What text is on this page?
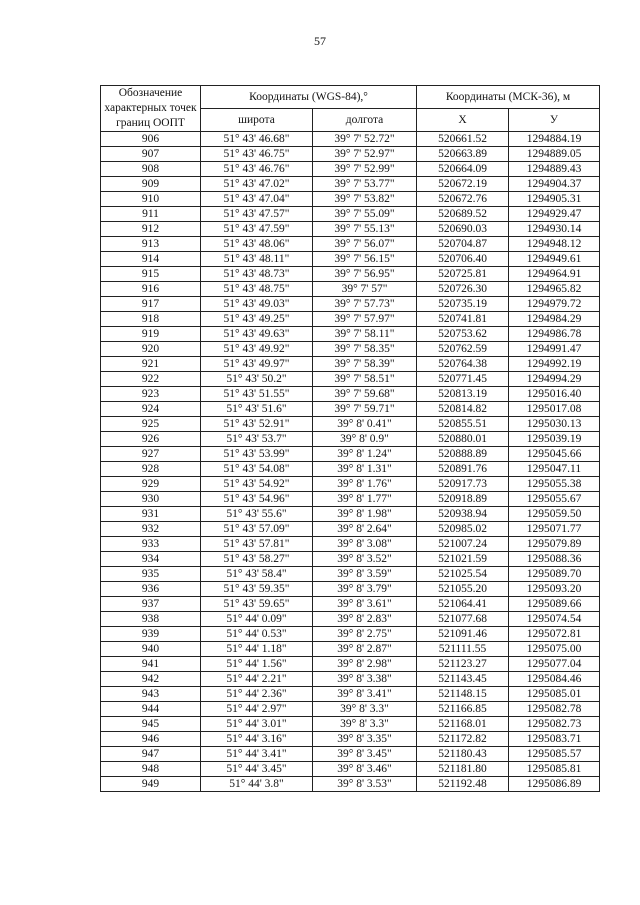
57
Обозначение характерных точек границ ООПТ	Координаты (WGS-84),°		Координаты (МСК-36), м	
	широта	долгота	X	У
906	51° 43' 46.68"	39° 7' 52.72"	520661.52	1294884.19
907	51° 43' 46.75"	39° 7' 52.97"	520663.89	1294889.05
908	51° 43' 46.76"	39° 7' 52.99"	520664.09	1294889.43
909	51° 43' 47.02"	39° 7' 53.77"	520672.19	1294904.37
910	51° 43' 47.04"	39° 7' 53.82"	520672.76	1294905.31
911	51° 43' 47.57"	39° 7' 55.09"	520689.52	1294929.47
912	51° 43' 47.59"	39° 7' 55.13"	520690.03	1294930.14
913	51° 43' 48.06"	39° 7' 56.07"	520704.87	1294948.12
914	51° 43' 48.11"	39° 7' 56.15"	520706.40	1294949.61
915	51° 43' 48.73"	39° 7' 56.95"	520725.81	1294964.91
916	51° 43' 48.75"	39° 7' 57"	520726.30	1294965.82
917	51° 43' 49.03"	39° 7' 57.73"	520735.19	1294979.72
918	51° 43' 49.25"	39° 7' 57.97"	520741.81	1294984.29
919	51° 43' 49.63"	39° 7' 58.11"	520753.62	1294986.78
920	51° 43' 49.92"	39° 7' 58.35"	520762.59	1294991.47
921	51° 43' 49.97"	39° 7' 58.39"	520764.38	1294992.19
922	51° 43' 50.2"	39° 7' 58.51"	520771.45	1294994.29
923	51° 43' 51.55"	39° 7' 59.68"	520813.19	1295016.40
924	51° 43' 51.6"	39° 7' 59.71"	520814.82	1295017.08
925	51° 43' 52.91"	39° 8' 0.41"	520855.51	1295030.13
926	51° 43' 53.7"	39° 8' 0.9"	520880.01	1295039.19
927	51° 43' 53.99"	39° 8' 1.24"	520888.89	1295045.66
928	51° 43' 54.08"	39° 8' 1.31"	520891.76	1295047.11
929	51° 43' 54.92"	39° 8' 1.76"	520917.73	1295055.38
930	51° 43' 54.96"	39° 8' 1.77"	520918.89	1295055.67
931	51° 43' 55.6"	39° 8' 1.98"	520938.94	1295059.50
932	51° 43' 57.09"	39° 8' 2.64"	520985.02	1295071.77
933	51° 43' 57.81"	39° 8' 3.08"	521007.24	1295079.89
934	51° 43' 58.27"	39° 8' 3.52"	521021.59	1295088.36
935	51° 43' 58.4"	39° 8' 3.59"	521025.54	1295089.70
936	51° 43' 59.35"	39° 8' 3.79"	521055.20	1295093.20
937	51° 43' 59.65"	39° 8' 3.61"	521064.41	1295089.66
938	51° 44' 0.09"	39° 8' 2.83"	521077.68	1295074.54
939	51° 44' 0.53"	39° 8' 2.75"	521091.46	1295072.81
940	51° 44' 1.18"	39° 8' 2.87"	521111.55	1295075.00
941	51° 44' 1.56"	39° 8' 2.98"	521123.27	1295077.04
942	51° 44' 2.21"	39° 8' 3.38"	521143.45	1295084.46
943	51° 44' 2.36"	39° 8' 3.41"	521148.15	1295085.01
944	51° 44' 2.97"	39° 8' 3.3"	521166.85	1295082.78
945	51° 44' 3.01"	39° 8' 3.3"	521168.01	1295082.73
946	51° 44' 3.16"	39° 8' 3.35"	521172.82	1295083.71
947	51° 44' 3.41"	39° 8' 3.45"	521180.43	1295085.57
948	51° 44' 3.45"	39° 8' 3.46"	521181.80	1295085.81
949	51° 44' 3.8"	39° 8' 3.53"	521192.48	1295086.89
